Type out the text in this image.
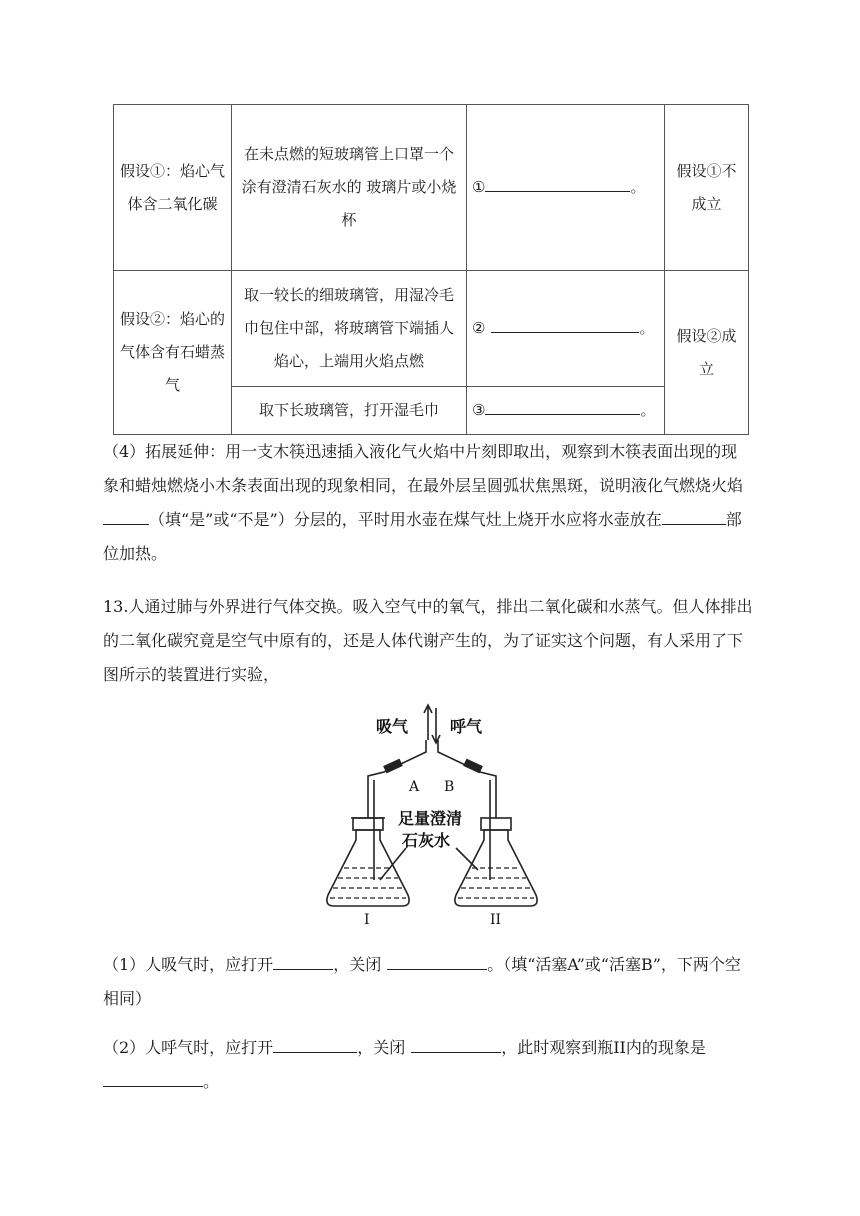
假设①：焰心气体含二氧化碳	在未点燃的短玻璃管上口罩一个涂有澄清石灰水的 玻璃片或小烧杯	① 。	假设①不成立
假设②：焰心的气体含有石蜡蒸气	取一较长的细玻璃管，用湿冷毛巾包住中部，将玻璃管下端插人焰心，上端用火焰点燃	② 。	假设②成立
	取下长玻璃管，打开湿毛巾	③ 。	

（4）拓展延伸：用一支木筷迅速插入液化气火焰中片刻即取出，观察到木筷表面出现的现象和蜡烛燃烧小木条表面出现的现象相同，在最外层呈圆弧状焦黑斑，说明液化气燃烧火焰（填“是”或“不是”）分层的，平时用水壶在煤气灶上烧开水应将水壶放在	部位加热。

13.人通过肺与外界进行气体交换。吸入空气中的氧气，排出二氧化碳和水蒸气。但人体排出的二氧化碳究竟是空气中原有的，还是人体代谢产生的，为了证实这个问题，有人采用了下图所示的装置进行实验，

吸气	呼气
足量澄清
石灰水
A B
I	II

（1）人吸气时，应打开	，关闭	。（填“活塞A”或“活塞B”，下两个空相同）

（2）人呼气时，应打开	，关闭	，此时观察到瓶II内的现象是。
